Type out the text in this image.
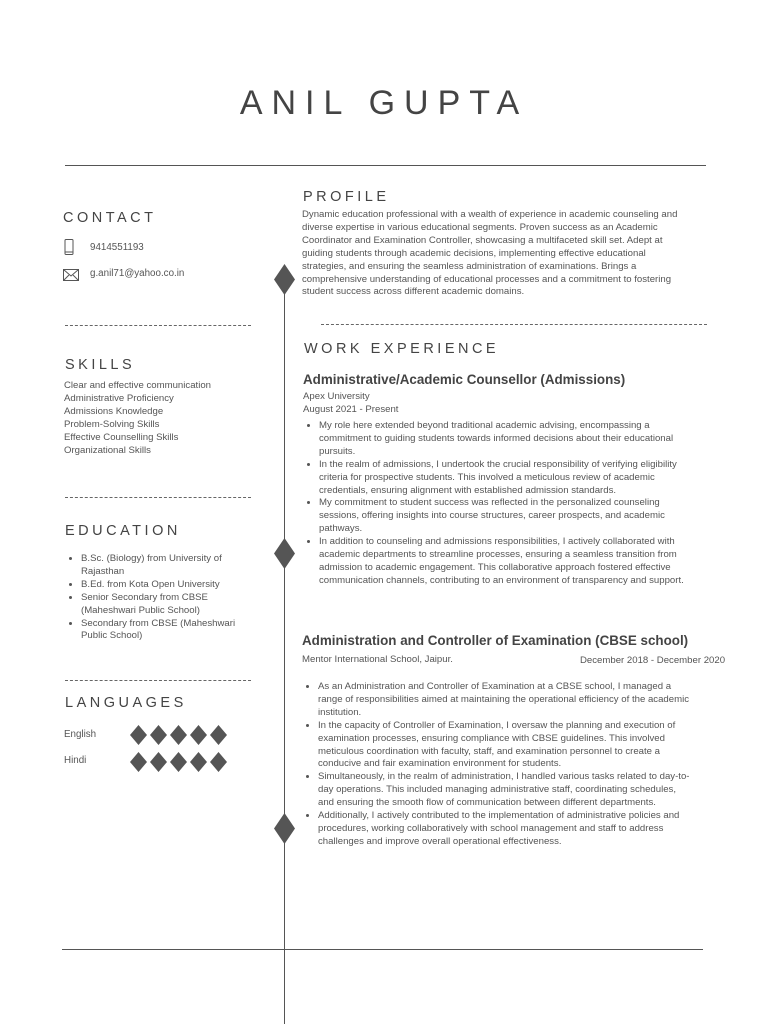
ANIL GUPTA
CONTACT
9414551193
g.anil71@yahoo.co.in
SKILLS
Clear and effective communication
Administrative Proficiency
Admissions Knowledge
Problem-Solving Skills
Effective Counselling Skills
Organizational Skills
EDUCATION
• B.Sc. (Biology) from University of Rajasthan
• B.Ed. from Kota Open University
• Senior Secondary from CBSE (Maheshwari Public School)
• Secondary from CBSE (Maheshwari Public School)
LANGUAGES
English
Hindi
PROFILE
Dynamic education professional with a wealth of experience in academic counseling and diverse expertise in various educational segments. Proven success as an Academic Coordinator and Examination Controller, showcasing a multifaceted skill set. Adept at guiding students through academic decisions, implementing effective educational strategies, and ensuring the seamless administration of examinations. Brings a comprehensive understanding of educational processes and a commitment to fostering student success across different academic domains.
WORK EXPERIENCE
Administrative/Academic Counsellor (Admissions)
Apex University
August 2021 - Present
• My role here extended beyond traditional academic advising, encompassing a commitment to guiding students towards informed decisions about their educational pursuits.
• In the realm of admissions, I undertook the crucial responsibility of verifying eligibility criteria for prospective students. This involved a meticulous review of academic credentials, ensuring alignment with established admission standards.
• My commitment to student success was reflected in the personalized counseling sessions, offering insights into course structures, career prospects, and academic pathways.
• In addition to counseling and admissions responsibilities, I actively collaborated with academic departments to streamline processes, ensuring a seamless transition from admission to academic engagement. This collaborative approach fostered effective communication channels, contributing to an environment of transparency and support.
Administration and Controller of Examination (CBSE school)
Mentor International School, Jaipur.	December 2018 - December 2020
• As an Administration and Controller of Examination at a CBSE school, I managed a range of responsibilities aimed at maintaining the operational efficiency of the academic institution.
• In the capacity of Controller of Examination, I oversaw the planning and execution of examination processes, ensuring compliance with CBSE guidelines. This involved meticulous coordination with faculty, staff, and examination personnel to create a conducive and fair examination environment for students.
• Simultaneously, in the realm of administration, I handled various tasks related to day-to-day operations. This included managing administrative staff, coordinating schedules, and ensuring the smooth flow of communication between different departments.
• Additionally, I actively contributed to the implementation of administrative policies and procedures, working collaboratively with school management and staff to address challenges and improve overall operational effectiveness.
